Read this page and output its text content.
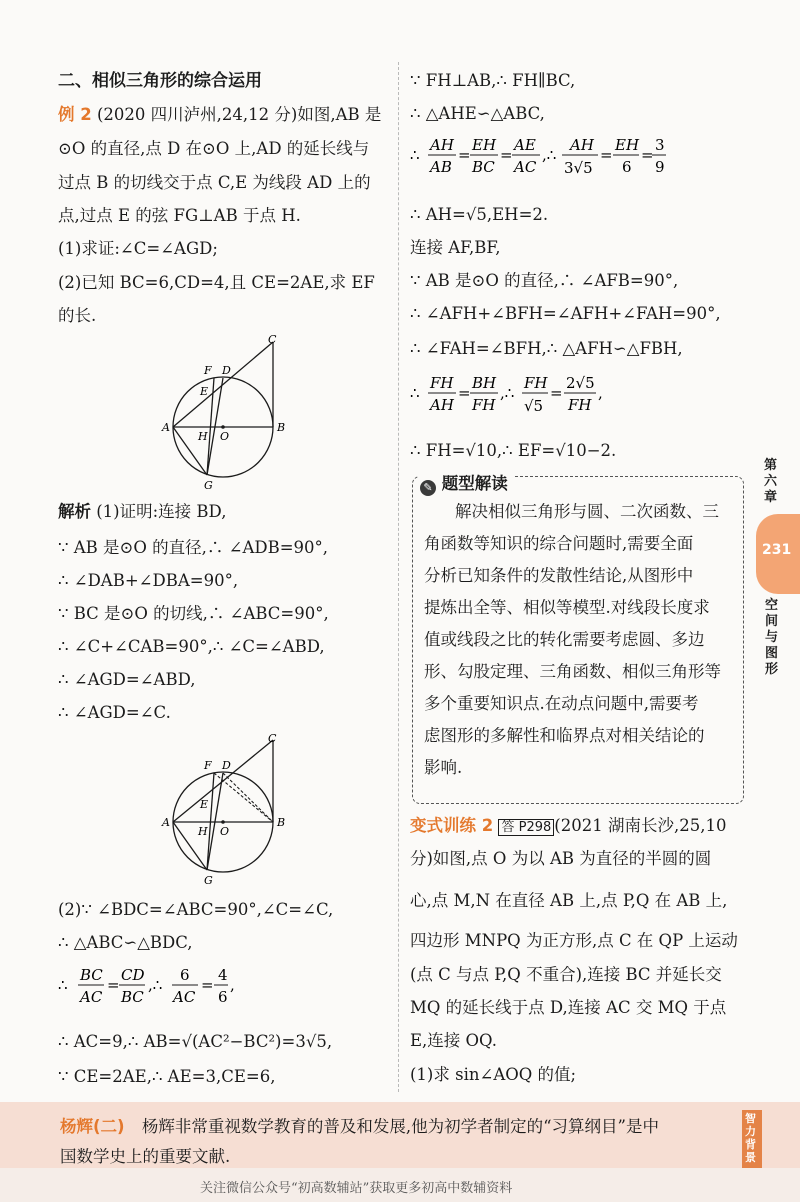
二、相似三角形的综合运用
例 2 (2020 四川泸州,24,12 分)如图,AB 是
⊙O 的直径,点 D 在⊙O 上,AD 的延长线与
过点 B 的切线交于点 C,E 为线段 AD 上的
点,过点 E 的弦 FG⊥AB 于点 H.
(1)求证:∠C=∠AGD;
(2)已知 BC=6,CD=4,且 CE=2AE,求 EF
的长.
C
F D
E
A	B
H O
G
解析 (1)证明:连接 BD,
∵ AB 是⊙O 的直径,∴ ∠ADB=90°,
∴ ∠DAB+∠DBA=90°,
∵ BC 是⊙O 的切线,∴ ∠ABC=90°,
∴ ∠C+∠CAB=90°,∴ ∠C=∠ABD,
∴ ∠AGD=∠ABD,
∴ ∠AGD=∠C.
C
F D
E
A	B
H O
G
(2)∵ ∠BDC=∠ABC=90°,∠C=∠C,
∴ △ABC∽△BDC,
∴
BC
AC
=
CD
BC
,∴
6
AC
=
4
6
,
∴ AC=9,∴ AB=√(AC²−BC²)=3√5,
∵ CE=2AE,∴ AE=3,CE=6,
∵ FH⊥AB,∴ FH∥BC,
∴ △AHE∽△ABC,
∴
AH
AB
=
EH
BC
=
AE
AC
,∴
AH
3√5
=
EH
6
=
3
9
∴ AH=√5,EH=2.
连接 AF,BF,
∵ AB 是⊙O 的直径,∴ ∠AFB=90°,
∴ ∠AFH+∠BFH=∠AFH+∠FAH=90°,
∴ ∠FAH=∠BFH,∴ △AFH∽△FBH,
∴
FH
AH
=
BH
FH
,∴
FH
√5
=
2√5
FH
,
∴ FH=√10,∴ EF=√10−2.
✎ 题型解读
解决相似三角形与圆、二次函数、三
角函数等知识的综合问题时,需要全面
分析已知条件的发散性结论,从图形中
提炼出全等、相似等模型.对线段长度求
值或线段之比的转化需要考虑圆、多边
形、勾股定理、三角函数、相似三角形等
多个重要知识点.在动点问题中,需要考
虑图形的多解性和临界点对相关结论的
影响.
变式训练 2 答 P298 (2021 湖南长沙,25,10
分)如图,点 O 为以 AB 为直径的半圆的圆
心,点 M,N 在直径 AB 上,点 P,Q 在 AB 上,
四边形 MNPQ 为正方形,点 C 在 QP 上运动
(点 C 与点 P,Q 不重合),连接 BC 并延长交
MQ 的延长线于点 D,连接 AC 交 MQ 于点
E,连接 OQ.
(1)求 sin∠AOQ 的值;
第六章
231
空间与图形
杨辉(二) 杨辉非常重视数学教育的普及和发展,他为初学者制定的“习算纲目”是中
国数学史上的重要文献.
智力背景
关注微信公众号“初高数辅站”获取更多初高中数辅资料
